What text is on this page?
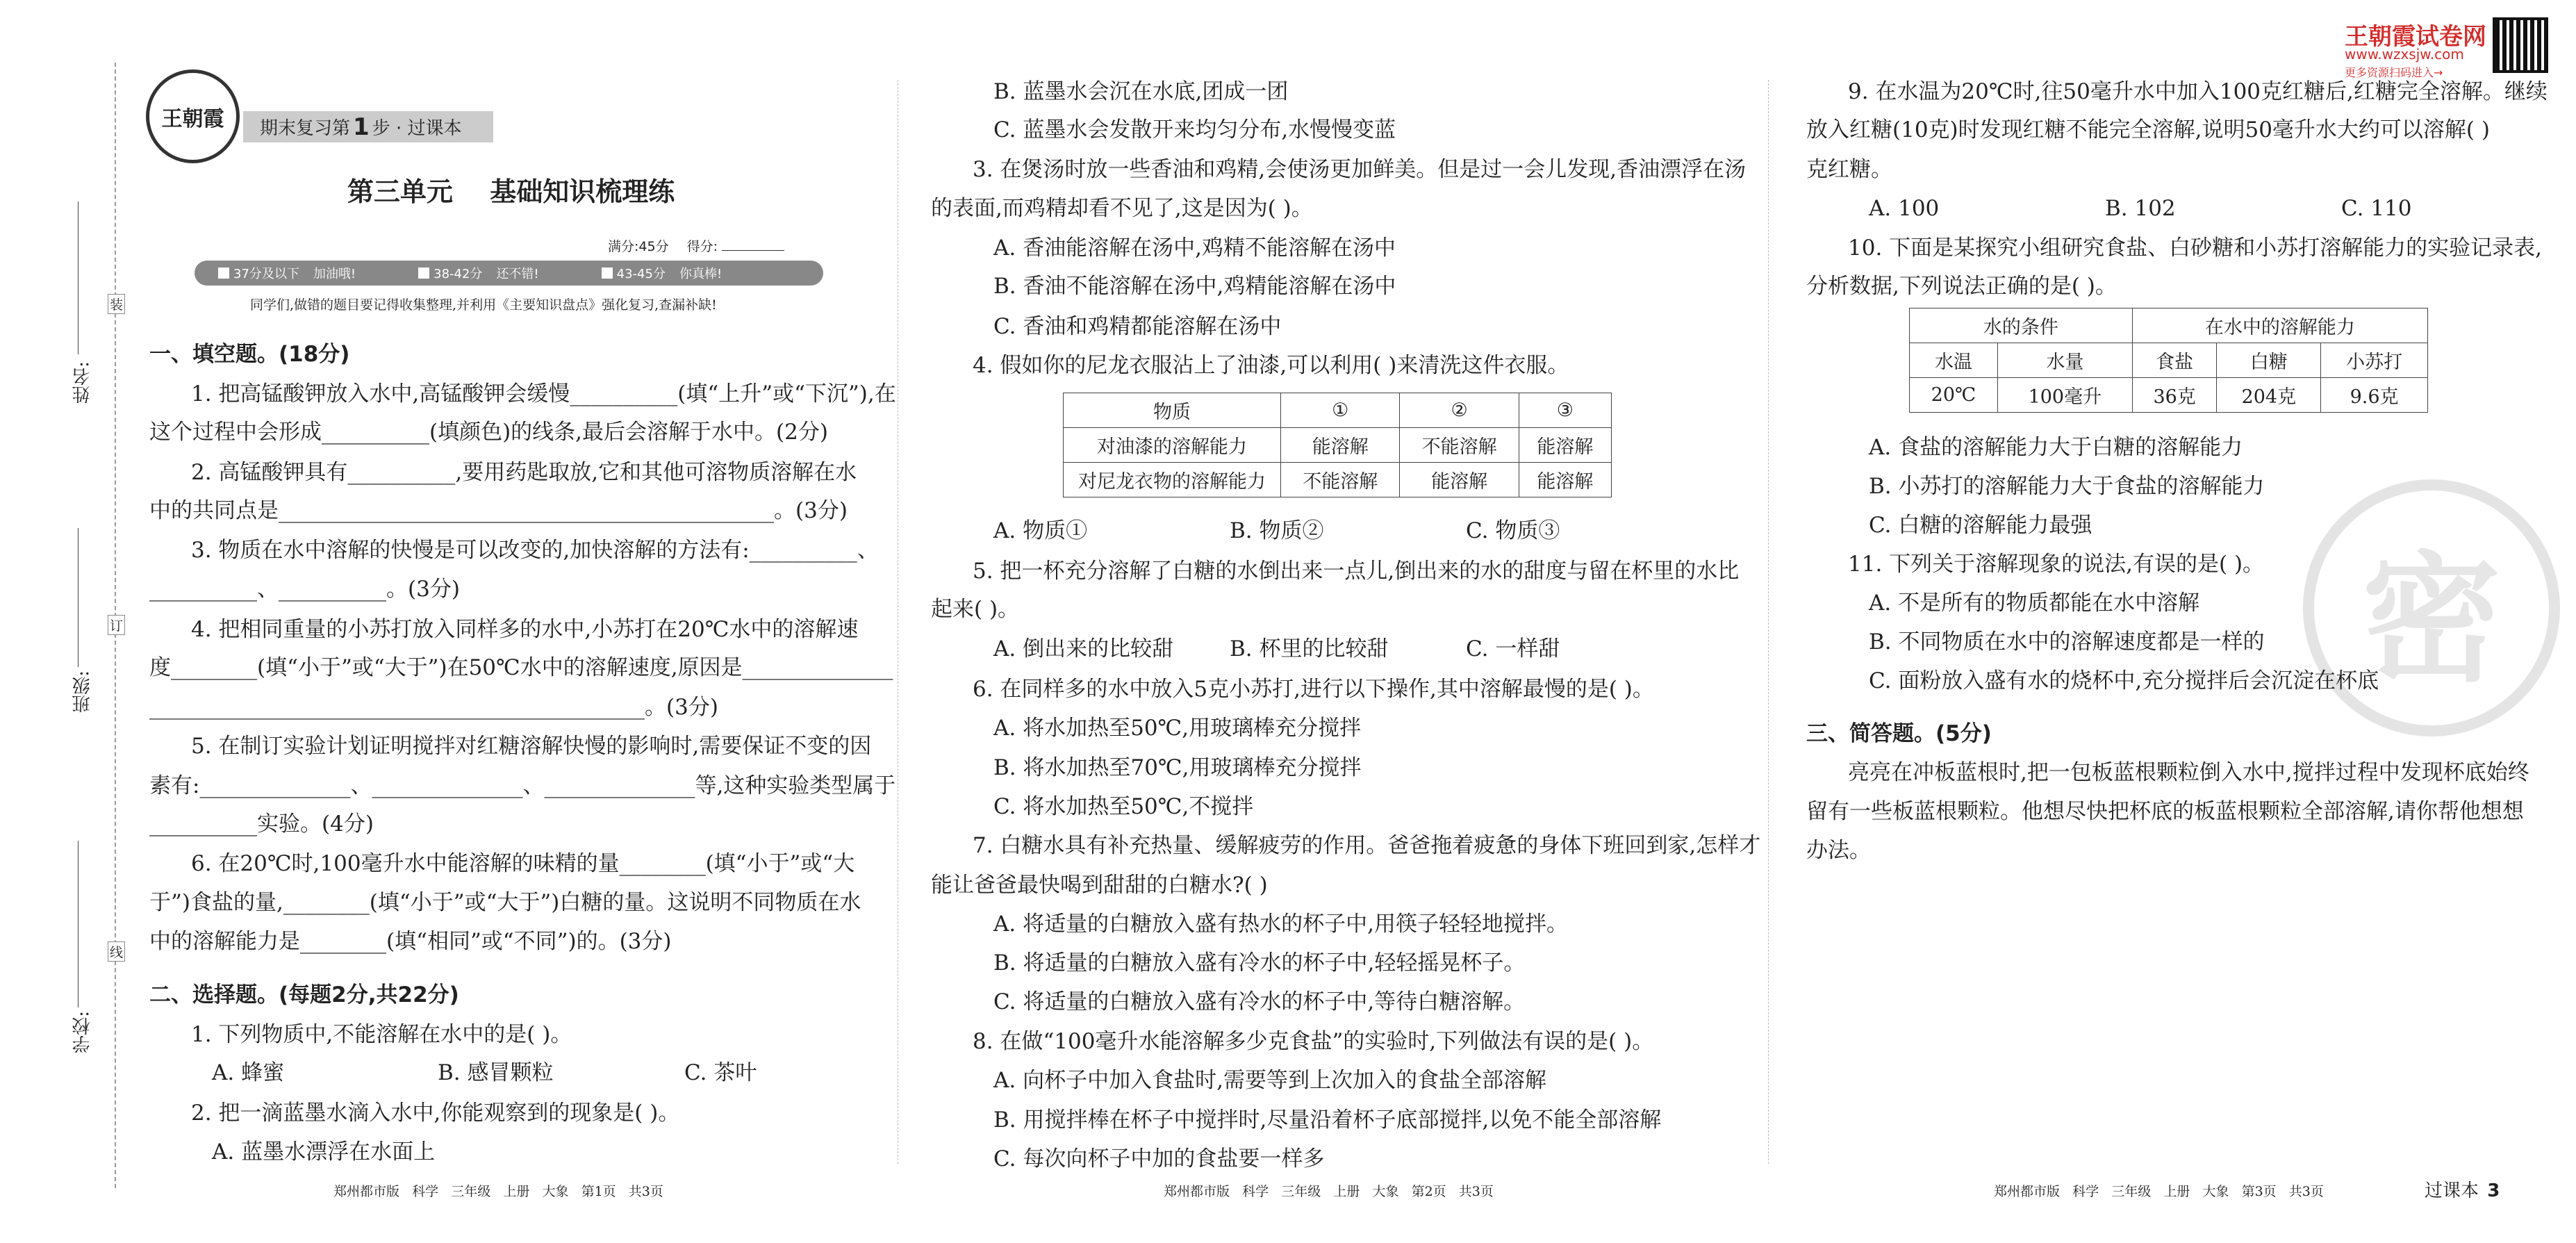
姓名:
班级:
学校:
装
订
线
王朝霞 期末复习第 1 步 · 过课本
第三单元 基础知识梳理练
满分:45分 得分:
37分及以下 加油哦!	38-42分 还不错!	43-45分 你真棒!
同学们,做错的题目要记得收集整理,并利用《主要知识盘点》强化复习,查漏补缺!
王朝霞试卷网
www.wzxsjw.com
更多资源扫码进入→
密
一、填空题。(18分)
1. 把高锰酸钾放入水中,高锰酸钾会缓慢__________(填“上升”或“下沉”),在
这个过程中会形成__________(填颜色)的线条,最后会溶解于水中。(2分)
2. 高锰酸钾具有__________,要用药匙取放,它和其他可溶物质溶解在水
中的共同点是______________________________________________。(3分)
3. 物质在水中溶解的快慢是可以改变的,加快溶解的方法有:__________、
__________、__________。(3分)
4. 把相同重量的小苏打放入同样多的水中,小苏打在20℃水中的溶解速
度________(填“小于”或“大于”)在50℃水中的溶解速度,原因是______________
______________________________________________。(3分)
5. 在制订实验计划证明搅拌对红糖溶解快慢的影响时,需要保证不变的因
素有:______________、______________、______________等,这种实验类型属于
__________实验。(4分)
6. 在20℃时,100毫升水中能溶解的味精的量________(填“小于”或“大
于”)食盐的量,________(填“小于”或“大于”)白糖的量。这说明不同物质在水
中的溶解能力是________(填“相同”或“不同”)的。(3分)
二、选择题。(每题2分,共22分)
1. 下列物质中,不能溶解在水中的是( )。
A. 蜂蜜	B. 感冒颗粒	C. 茶叶
2. 把一滴蓝墨水滴入水中,你能观察到的现象是( )。
A. 蓝墨水漂浮在水面上
B. 蓝墨水会沉在水底,团成一团
C. 蓝墨水会发散开来均匀分布,水慢慢变蓝
3. 在煲汤时放一些香油和鸡精,会使汤更加鲜美。但是过一会儿发现,香油漂浮在汤
的表面,而鸡精却看不见了,这是因为( )。
A. 香油能溶解在汤中,鸡精不能溶解在汤中
B. 香油不能溶解在汤中,鸡精能溶解在汤中
C. 香油和鸡精都能溶解在汤中
4. 假如你的尼龙衣服沾上了油漆,可以利用( )来清洗这件衣服。
A. 物质①	B. 物质②	C. 物质③
5. 把一杯充分溶解了白糖的水倒出来一点儿,倒出来的水的甜度与留在杯里的水比
起来( )。
A. 倒出来的比较甜	B. 杯里的比较甜	C. 一样甜
6. 在同样多的水中放入5克小苏打,进行以下操作,其中溶解最慢的是( )。
A. 将水加热至50℃,用玻璃棒充分搅拌
B. 将水加热至70℃,用玻璃棒充分搅拌
C. 将水加热至50℃,不搅拌
7. 白糖水具有补充热量、缓解疲劳的作用。爸爸拖着疲惫的身体下班回到家,怎样才
能让爸爸最快喝到甜甜的白糖水?( )
A. 将适量的白糖放入盛有热水的杯子中,用筷子轻轻地搅拌。
B. 将适量的白糖放入盛有冷水的杯子中,轻轻摇晃杯子。
C. 将适量的白糖放入盛有冷水的杯子中,等待白糖溶解。
8. 在做“100毫升水能溶解多少克食盐”的实验时,下列做法有误的是( )。
A. 向杯子中加入食盐时,需要等到上次加入的食盐全部溶解
B. 用搅拌棒在杯子中搅拌时,尽量沿着杯子底部搅拌,以免不能全部溶解
C. 每次向杯子中加的食盐要一样多
9. 在水温为20℃时,往50毫升水中加入100克红糖后,红糖完全溶解。继续
放入红糖(10克)时发现红糖不能完全溶解,说明50毫升水大约可以溶解( )
克红糖。
A. 100	B. 102	C. 110
10. 下面是某探究小组研究食盐、白砂糖和小苏打溶解能力的实验记录表,
分析数据,下列说法正确的是( )。
A. 食盐的溶解能力大于白糖的溶解能力
B. 小苏打的溶解能力大于食盐的溶解能力
C. 白糖的溶解能力最强
11. 下列关于溶解现象的说法,有误的是( )。
A. 不是所有的物质都能在水中溶解
B. 不同物质在水中的溶解速度都是一样的
C. 面粉放入盛有水的烧杯中,充分搅拌后会沉淀在杯底
三、简答题。(5分)
亮亮在冲板蓝根时,把一包板蓝根颗粒倒入水中,搅拌过程中发现杯底始终
留有一些板蓝根颗粒。他想尽快把杯底的板蓝根颗粒全部溶解,请你帮他想想
办法。
物质	①	②	③
对油漆的溶解能力	能溶解	不能溶解	能溶解
对尼龙衣物的溶解能力	不能溶解	能溶解	能溶解
水的条件		在水中的溶解能力		
水温	水量	食盐	白糖	小苏打
20℃	100毫升	36克	204克	9.6克
郑州都市版   科学   三年级   上册   大象   第1页   共3页	郑州都市版   科学   三年级   上册   大象   第2页   共3页	郑州都市版   科学   三年级   上册   大象   第3页   共3页	过课本 3
